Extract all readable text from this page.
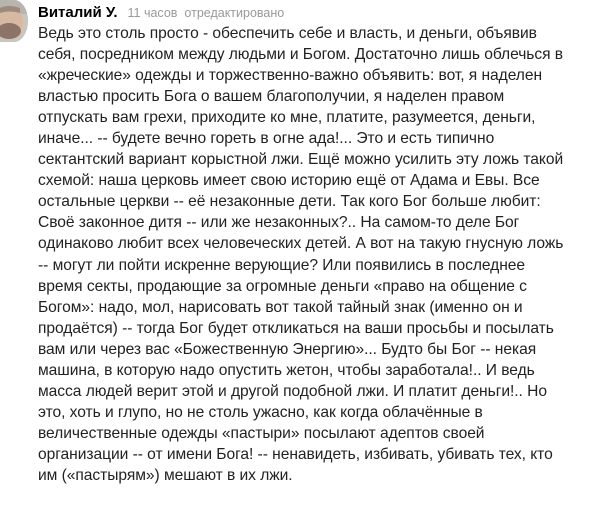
Виталий У. 11 часов отредактировано

Ведь это столь просто - обеспечить себе и власть, и деньги, объявив
себя, посредником между людьми и Богом. Достаточно лишь облечься в
«жреческие» одежды и торжественно-важно объявить: вот, я наделен
властью просить Бога о вашем благополучии, я наделен правом
отпускать вам грехи, приходите ко мне, платите, разумеется, деньги,
иначе... -- будете вечно гореть в огне ада!... Это и есть типично
сектантский вариант корыстной лжи. Ещё можно усилить эту ложь такой
схемой: наша церковь имеет свою историю ещё от Адама и Евы. Все
остальные церкви -- её незаконные дети. Так кого Бог больше любит:
Своё законное дитя -- или же незаконных?.. На самом-то деле Бог
одинаково любит всех человеческих детей. А вот на такую гнусную ложь
-- могут ли пойти искренне верующие? Или появились в последнее
время секты, продающие за огромные деньги «право на общение с
Богом»: надо, мол, нарисовать вот такой тайный знак (именно он и
продаётся) -- тогда Бог будет откликаться на ваши просьбы и посылать
вам или через вас «Божественную Энергию»... Будто бы Бог -- некая
машина, в которую надо опустить жетон, чтобы заработала!.. И ведь
масса людей верит этой и другой подобной лжи. И платит деньги!.. Но
это, хоть и глупо, но не столь ужасно, как когда облачённые в
величественные одежды «пастыри» посылают адептов своей
организации -- от имени Бога! -- ненавидеть, избивать, убивать тех, кто
им («пастырям») мешают в их лжи.
